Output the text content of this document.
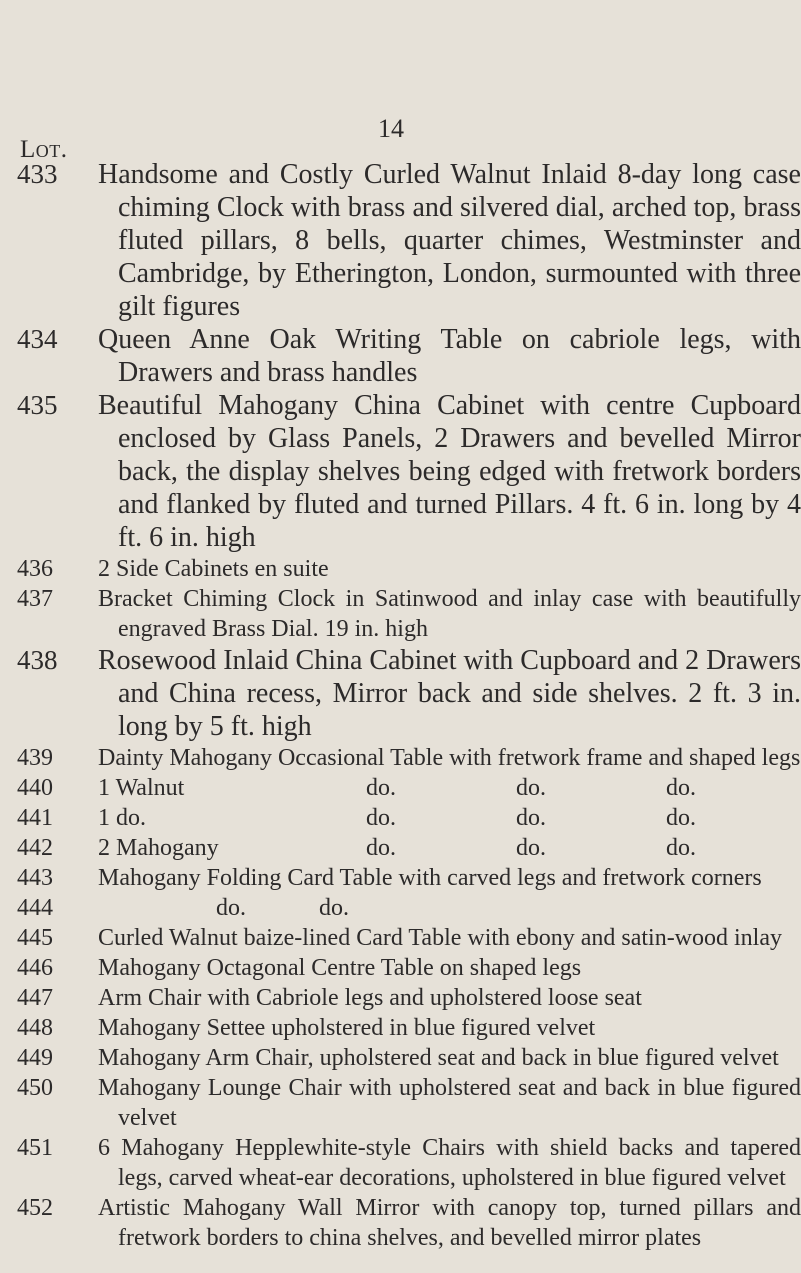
14
Lot.
433 Handsome and Costly Curled Walnut Inlaid 8-day long case chiming Clock with brass and silvered dial, arched top, brass fluted pillars, 8 bells, quarter chimes, Westminster and Cambridge, by Etherington, London, surmounted with three gilt figures
434 Queen Anne Oak Writing Table on cabriole legs, with Drawers and brass handles
435 Beautiful Mahogany China Cabinet with centre Cupboard enclosed by Glass Panels, 2 Drawers and bevelled Mirror back, the display shelves being edged with fretwork borders and flanked by fluted and turned Pillars. 4 ft. 6 in. long by 4 ft. 6 in. high
436 2 Side Cabinets en suite
437 Bracket Chiming Clock in Satinwood and inlay case with beautifully engraved Brass Dial. 19 in. high
438 Rosewood Inlaid China Cabinet with Cupboard and 2 Drawers and China recess, Mirror back and side shelves. 2 ft. 3 in. long by 5 ft. high
439 Dainty Mahogany Occasional Table with fretwork frame and shaped legs
440 1 Walnut	do.	do.	do.
441 1 do.	do.	do.	do.
442 2 Mahogany	do.	do.	do.
443 Mahogany Folding Card Table with carved legs and fretwork corners
444	do.	do.
445 Curled Walnut baize-lined Card Table with ebony and satin-wood inlay
446 Mahogany Octagonal Centre Table on shaped legs
447 Arm Chair with Cabriole legs and upholstered loose seat
448 Mahogany Settee upholstered in blue figured velvet
449 Mahogany Arm Chair, upholstered seat and back in blue figured velvet
450 Mahogany Lounge Chair with upholstered seat and back in blue figured velvet
451 6 Mahogany Hepplewhite-style Chairs with shield backs and tapered legs, carved wheat-ear decorations, upholstered in blue figured velvet
452 Artistic Mahogany Wall Mirror with canopy top, turned pillars and fretwork borders to china shelves, and bevelled mirror plates
